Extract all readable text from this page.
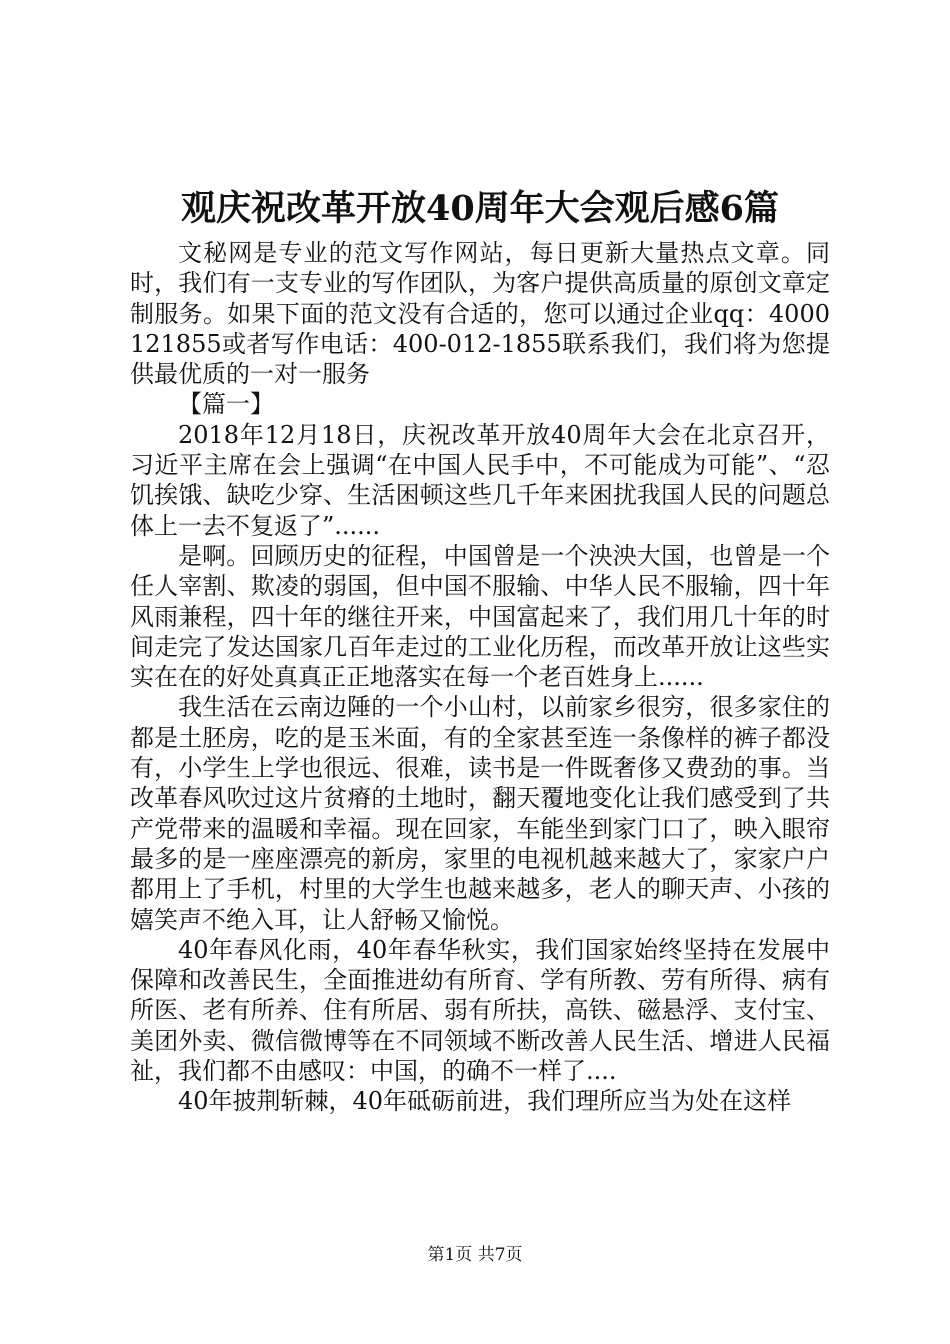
观庆祝改革开放40周年大会观后感6篇

文秘网是专业的范文写作网站，每日更新大量热点文章。同时，我们有一支专业的写作团队，为客户提供高质量的原创文章定制服务。如果下面的范文没有合适的，您可以通过企业qq：4000121855或者写作电话：400-012-1855联系我们，我们将为您提供最优质的一对一服务

【篇一】

2018年12月18日，庆祝改革开放40周年大会在北京召开，习近平主席在会上强调“在中国人民手中，不可能成为可能”、“忍饥挨饿、缺吃少穿、生活困顿这些几千年来困扰我国人民的问题总体上一去不复返了”......

是啊。回顾历史的征程，中国曾是一个泱泱大国，也曾是一个任人宰割、欺凌的弱国，但中国不服输、中华人民不服输，四十年风雨兼程，四十年的继往开来，中国富起来了，我们用几十年的时间走完了发达国家几百年走过的工业化历程，而改革开放让这些实实在在的好处真真正正地落实在每一个老百姓身上......

我生活在云南边陲的一个小山村，以前家乡很穷，很多家住的都是土胚房，吃的是玉米面，有的全家甚至连一条像样的裤子都没有，小学生上学也很远、很难，读书是一件既奢侈又费劲的事。当改革春风吹过这片贫瘠的土地时，翻天覆地变化让我们感受到了共产党带来的温暖和幸福。现在回家，车能坐到家门口了，映入眼帘最多的是一座座漂亮的新房，家里的电视机越来越大了，家家户户都用上了手机，村里的大学生也越来越多，老人的聊天声、小孩的嬉笑声不绝入耳，让人舒畅又愉悦。

40年春风化雨，40年春华秋实，我们国家始终坚持在发展中保障和改善民生，全面推进幼有所育、学有所教、劳有所得、病有所医、老有所养、住有所居、弱有所扶，高铁、磁悬浮、支付宝、美团外卖、微信微博等在不同领域不断改善人民生活、增进人民福祉，我们都不由感叹：中国，的确不一样了....

40年披荆斩棘，40年砥砺前进，我们理所应当为处在这样

第1页 共7页
